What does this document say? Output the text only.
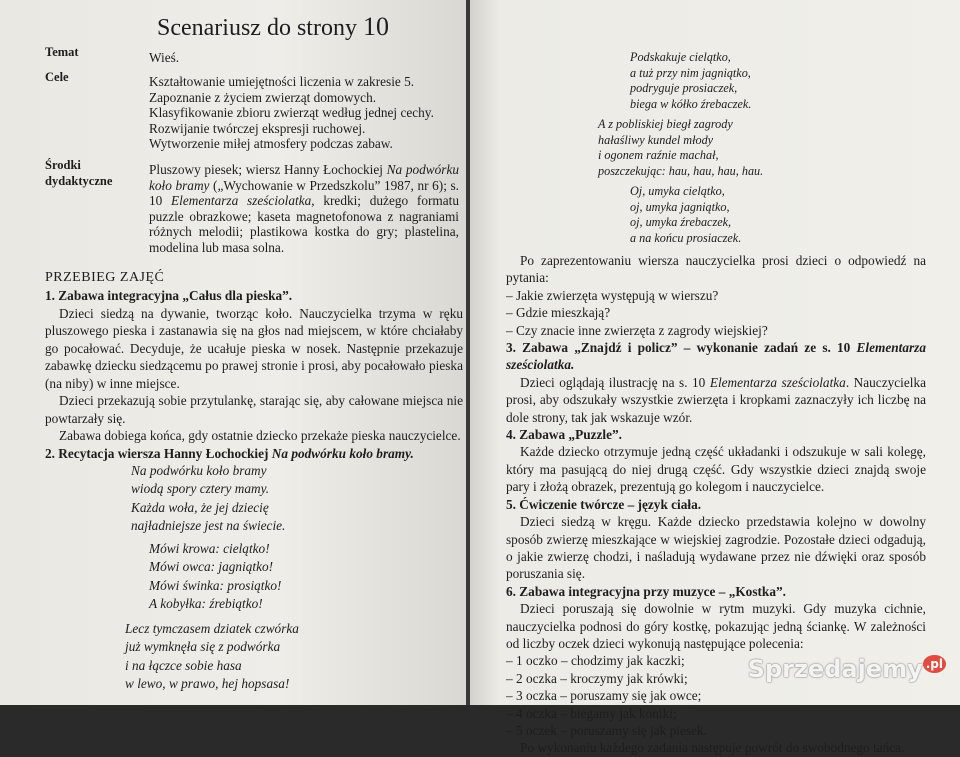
Scenariusz do strony 10
Temat	Wieś.
Cele	Kształtowanie umiejętności liczenia w zakresie 5.
Zapoznanie z życiem zwierząt domowych.
Klasyfikowanie zbioru zwierząt według jednej cechy.
Rozwijanie twórczej ekspresji ruchowej.
Wytworzenie miłej atmosfery podczas zabaw.
Środki
dydaktyczne
Pluszowy piesek; wiersz Hanny Łochockiej Na podwórku koło bramy („Wychowanie w Przedszkolu” 1987, nr 6); s. 10 Elementarza sześciolatka, kredki; dużego formatu puzzle obrazkowe; kaseta magnetofonowa z nagraniami różnych melodii; plastikowa kostka do gry; plastelina, modelina lub masa solna.
PRZEBIEG ZAJĘĆ

1. Zabawa integracyjna „Całus dla pieska”.

Dzieci siedzą na dywanie, tworząc koło. Nauczycielka trzyma w ręku pluszowego pieska i zastanawia się na głos nad miejscem, w które chciałaby go pocałować. Decyduje, że ucałuje pieska w nosek. Następnie przekazuje zabawkę dziecku siedzącemu po prawej stronie i prosi, aby pocałowało pieska (na niby) w inne miejsce.

Dzieci przekazują sobie przytulankę, starając się, aby całowane miejsca nie powtarzały się.

Zabawa dobiega końca, gdy ostatnie dziecko przekaże pieska nauczycielce.

2. Recytacja wiersza Hanny Łochockiej Na podwórku koło bramy.

Na podwórku koło bramy
wiodą spory cztery mamy.
Każda woła, że jej dziecię
najładniejsze jest na świecie.
Mówi krowa: cielątko!
Mówi owca: jagniątko!
Mówi świnka: prosiątko!
A kobyłka: źrebiątko!
Lecz tymczasem dziatek czwórka
już wymknęła się z podwórka
i na łączce sobie hasa
w lewo, w prawo, hej hopsasa!
Podskakuje cielątko,
a tuż przy nim jagniątko,
podryguje prosiaczek,
biega w kółko źrebaczek.
A z pobliskiej biegł zagrody
hałaśliwy kundel młody
i ogonem raźnie machał,
poszczekując: hau, hau, hau, hau.
Oj, umyka cielątko,
oj, umyka jagniątko,
oj, umyka źrebaczek,
a na końcu prosiaczek.

Po zaprezentowaniu wiersza nauczycielka prosi dzieci o odpowiedź na pytania:

– Jakie zwierzęta występują w wierszu?

– Gdzie mieszkają?

– Czy znacie inne zwierzęta z zagrody wiejskiej?

3. Zabawa „Znajdź i policz” – wykonanie zadań ze s. 10 Elementarza sześciolatka.

Dzieci oglądają ilustrację na s. 10 Elementarza sześciolatka. Nauczycielka prosi, aby odszukały wszystkie zwierzęta i kropkami zaznaczyły ich liczbę na dole strony, tak jak wskazuje wzór.

4. Zabawa „Puzzle”.

Każde dziecko otrzymuje jedną część układanki i odszukuje w sali kolegę, który ma pasującą do niej drugą część. Gdy wszystkie dzieci znajdą swoje pary i złożą obrazek, prezentują go kolegom i nauczycielce.

5. Ćwiczenie twórcze – język ciała.

Dzieci siedzą w kręgu. Każde dziecko przedstawia kolejno w dowolny sposób zwierzę mieszkające w wiejskiej zagrodzie. Pozostałe dzieci odgadują, o jakie zwierzę chodzi, i naśladują wydawane przez nie dźwięki oraz sposób poruszania się.

6. Zabawa integracyjna przy muzyce – „Kostka”.

Dzieci poruszają się dowolnie w rytm muzyki. Gdy muzyka cichnie, nauczycielka podnosi do góry kostkę, pokazując jedną ściankę. W zależności od liczby oczek dzieci wykonują następujące polecenia:

– 1 oczko – chodzimy jak kaczki;

– 2 oczka – kroczymy jak krówki;

– 3 oczka – poruszamy się jak owce;

– 4 oczka – biegamy jak koniki;

– 5 oczek – poruszamy się jak piesek.

Po wykonaniu każdego zadania następuje powrót do swobodnego tańca.

Sprzedajemy $^{.pl}$
